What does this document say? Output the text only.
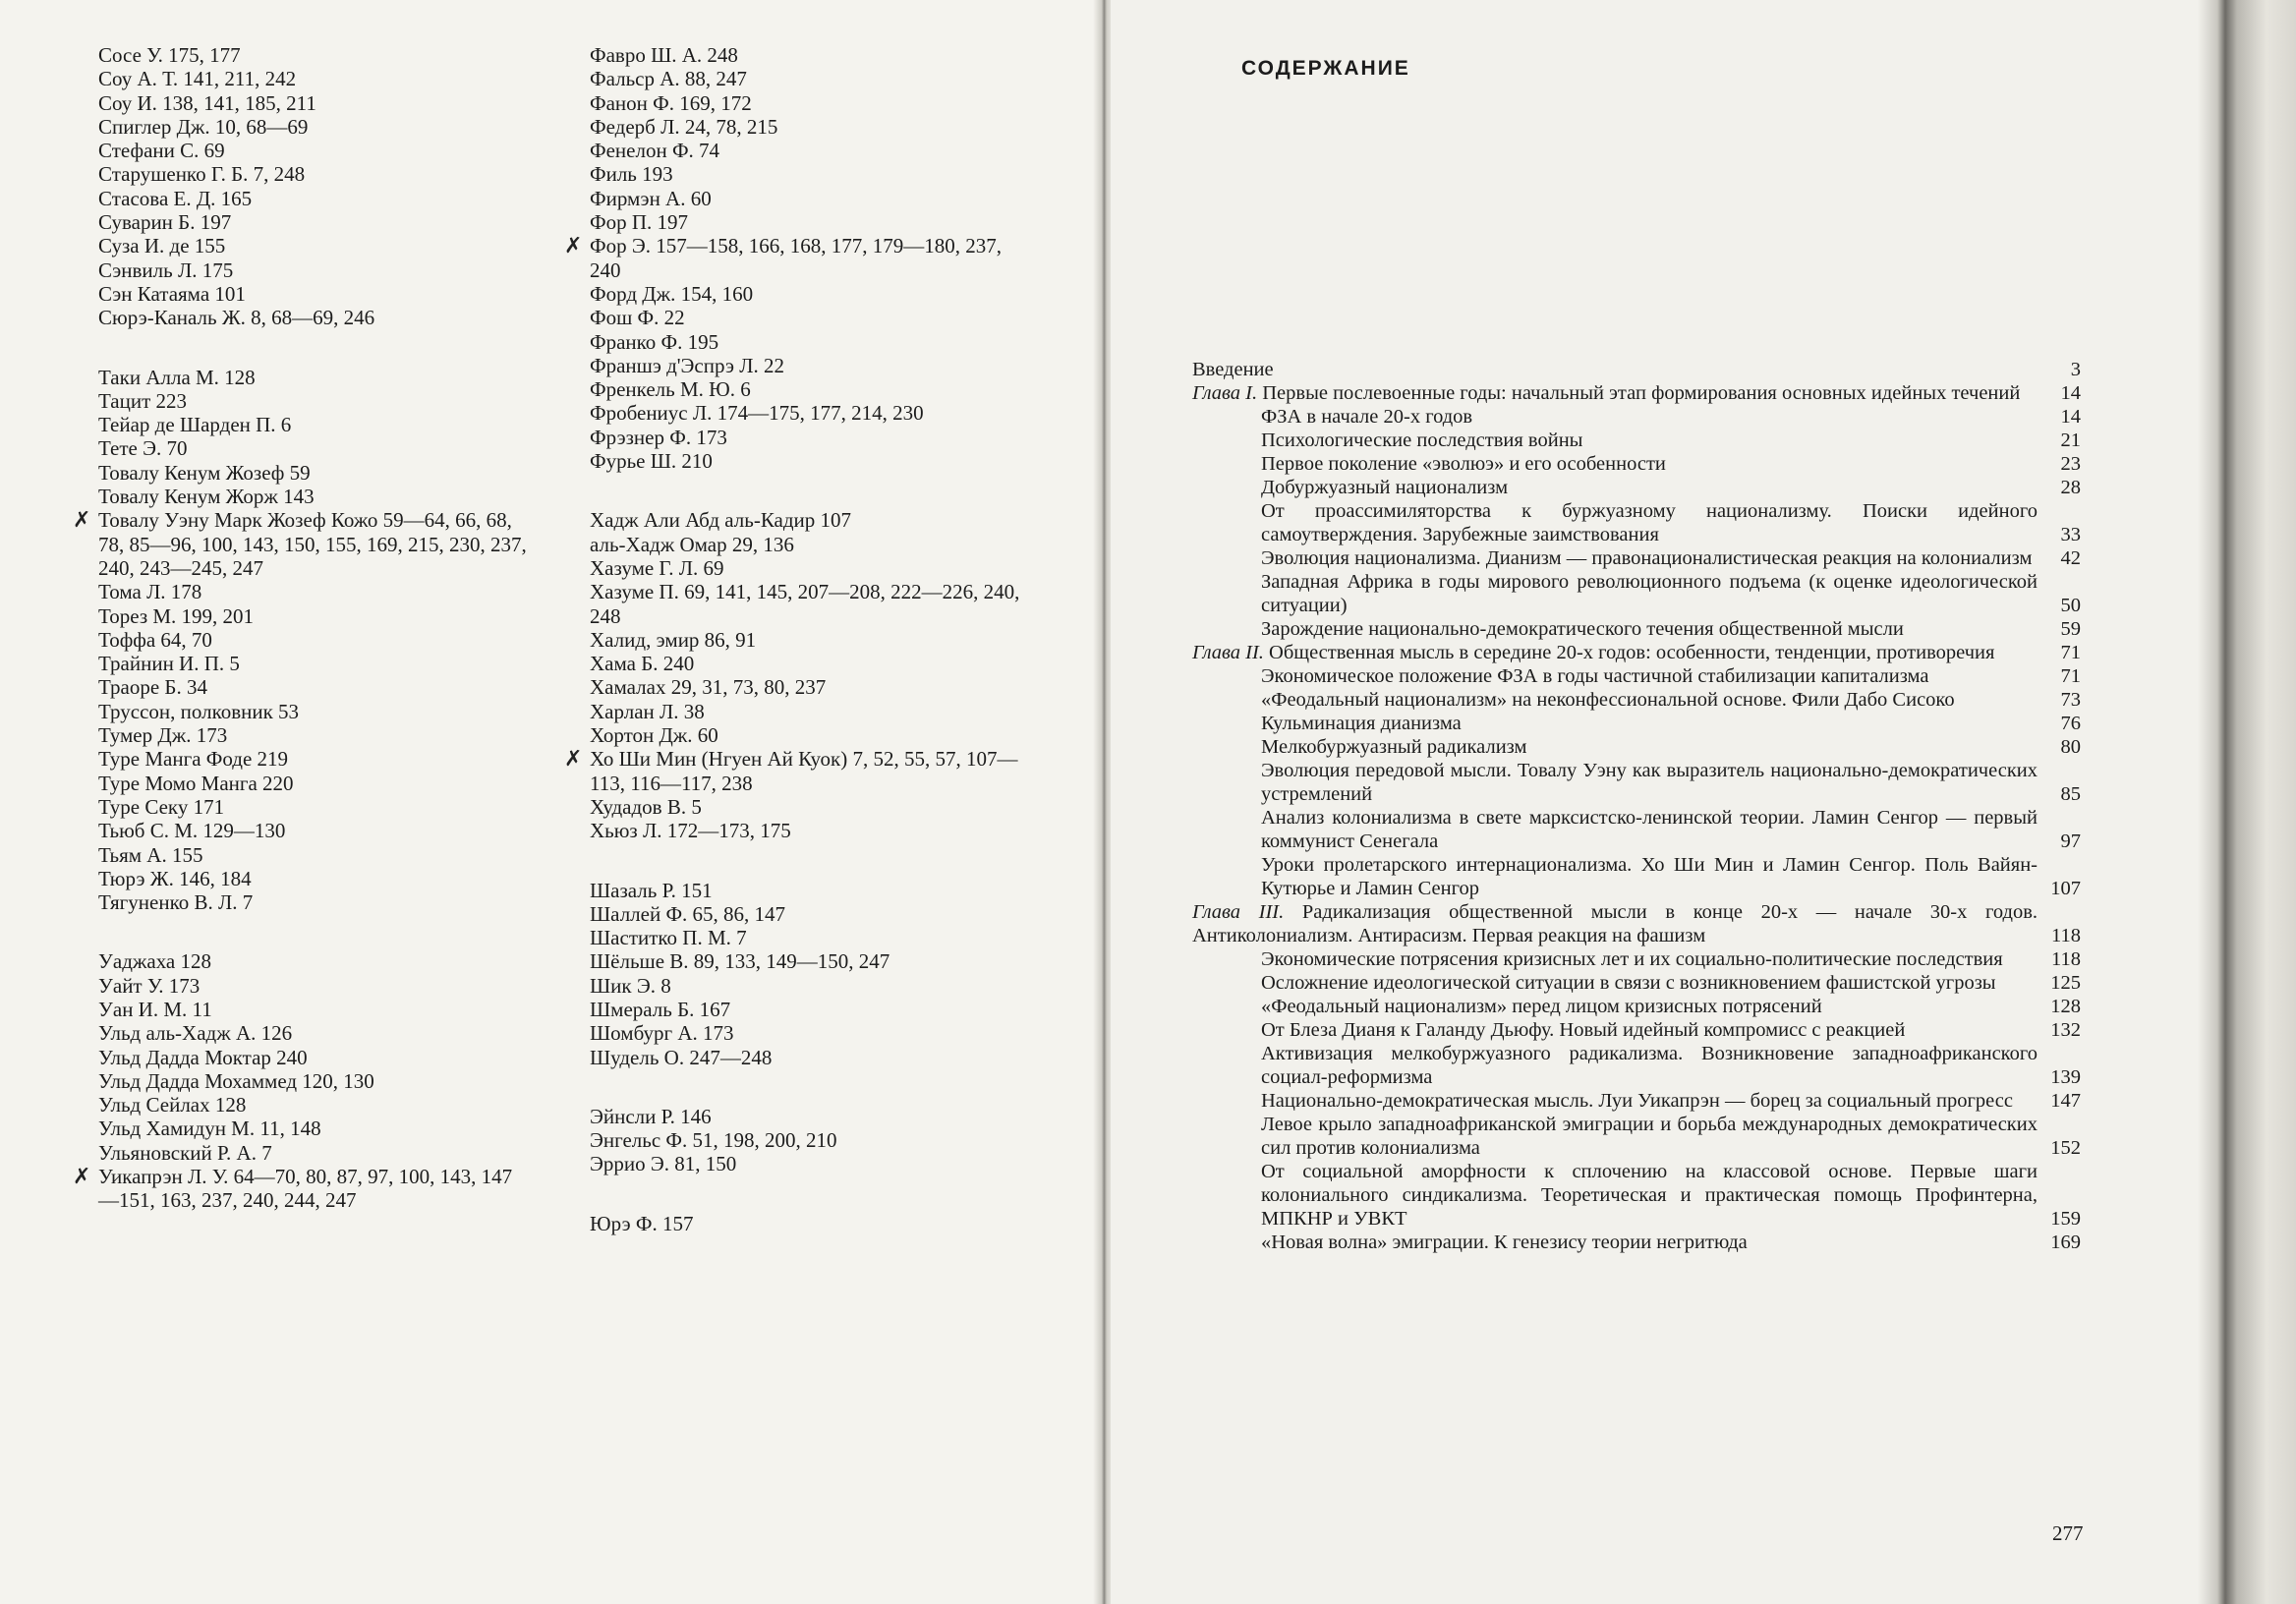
Сосе У. 175, 177
Соу А. Т. 141, 211, 242
Соу И. 138, 141, 185, 211
Спиглер Дж. 10, 68—69
Стефани С. 69
Старушенко Г. Б. 7, 248
Стасова Е. Д. 165
Суварин Б. 197
Суза И. де 155
Сэнвиль Л. 175
Сэн Катаяма 101
Сюрэ-Каналь Ж. 8, 68—69, 246
Таки Алла М. 128
Тацит 223
Тейар де Шарден П. 6
Тете Э. 70
Товалу Кенум Жозеф 59
Товалу Кенум Жорж 143
✗ Товалу Уэну Марк Жозеф Кожо 59—64, 66, 68, 78, 85—96, 100, 143, 150, 155, 169, 215, 230, 237, 240, 243—245, 247
Тома Л. 178
Торез М. 199, 201
Тоффа 64, 70
Трайнин И. П. 5
Траоре Б. 34
Труссон, полковник 53
Тумер Дж. 173
Туре Манга Фоде 219
Туре Момо Манга 220
Туре Секу 171
Тьюб С. М. 129—130
Тьям А. 155
Тюрэ Ж. 146, 184
Тягуненко В. Л. 7
Уаджаха 128
Уайт У. 173
Уан И. М. 11
Ульд аль-Хадж А. 126
Ульд Дадда Моктар 240
Ульд Дадда Мохаммед 120, 130
Ульд Сейлах 128
Ульд Хамидун М. 11, 148
Ульяновский Р. А. 7
✗ Уикапрэн Л. У. 64—70, 80, 87, 97, 100, 143, 147—151, 163, 237, 240, 244, 247
Фавро Ш. А. 248
Фальср А. 88, 247
Фанон Ф. 169, 172
Федерб Л. 24, 78, 215
Фенелон Ф. 74
Филь 193
Фирмэн А. 60
Фор П. 197
✗ Фор Э. 157—158, 166, 168, 177, 179—180, 237, 240
Форд Дж. 154, 160
Фош Ф. 22
Франко Ф. 195
Франшэ д'Эспрэ Л. 22
Френкель М. Ю. 6
Фробениус Л. 174—175, 177, 214, 230
Фрэзнер Ф. 173
Фурье Ш. 210
Хадж Али Абд аль-Кадир 107
аль-Хадж Омар 29, 136
Хазуме Г. Л. 69
Хазуме П. 69, 141, 145, 207—208, 222—226, 240, 248
Халид, эмир 86, 91
Хама Б. 240
Хамалах 29, 31, 73, 80, 237
Харлан Л. 38
Хортон Дж. 60
✗ Хо Ши Мин (Нгуен Ай Куок) 7, 52, 55, 57, 107—113, 116—117, 238
Худадов В. 5
Хьюз Л. 172—173, 175
Шазаль Р. 151
Шаллей Ф. 65, 86, 147
Шаститко П. М. 7
Шёльше В. 89, 133, 149—150, 247
Шик Э. 8
Шмераль Б. 167
Шомбург А. 173
Шудель О. 247—248
Эйнсли Р. 146
Энгельс Ф. 51, 198, 200, 210
Эррио Э. 81, 150
Юрэ Ф. 157
СОДЕРЖАНИЕ
Введение	3
Глава I. Первые послевоенные годы: начальный этап формирования основных идейных течений	14
ФЗА в начале 20-х годов	14
Психологические последствия войны	21
Первое поколение «эволюэ» и его особенности	23
Добуржуазный национализм	28
От проассимиляторства к буржуазному национализму. Поиски идейного самоутверждения. Зарубежные заимствования	33
Эволюция национализма. Дианизм — правонационалистическая реакция на колониализм	42
Западная Африка в годы мирового революционного подъема (к оценке идеологической ситуации)	50
Зарождение национально-демократического течения общественной мысли	59
Глава II. Общественная мысль в середине 20-х годов: особенности, тенденции, противоречия	71
Экономическое положение ФЗА в годы частичной стабилизации капитализма	71
«Феодальный национализм» на неконфессиональной основе. Фили Дабо Сисоко	73
Кульминация дианизма	76
Мелкобуржуазный радикализм	80
Эволюция передовой мысли. Товалу Уэну как выразитель национально-демократических устремлений	85
Анализ колониализма в свете марксистско-ленинской теории. Ламин Сенгор — первый коммунист Сенегала	97
Уроки пролетарского интернационализма. Хо Ши Мин и Ламин Сенгор. Поль Вайян-Кутюрье и Ламин Сенгор	107
Глава III. Радикализация общественной мысли в конце 20-х — начале 30-х годов. Антиколониализм. Антирасизм. Первая реакция на фашизм	118
Экономические потрясения кризисных лет и их социально-политические последствия	118
Осложнение идеологической ситуации в связи с возникновением фашистской угрозы	125
«Феодальный национализм» перед лицом кризисных потрясений	128
От Блеза Дианя к Галанду Дьюфу. Новый идейный компромисс с реакцией	132
Активизация мелкобуржуазного радикализма. Возникновение западноафриканского социал-реформизма	139
Национально-демократическая мысль. Луи Уикапрэн — борец за социальный прогресс	147
Левое крыло западноафриканской эмиграции и борьба международных демократических сил против колониализма	152
От социальной аморфности к сплочению на классовой основе. Первые шаги колониального синдикализма. Теоретическая и практическая помощь Профинтерна, МПКНР и УВКТ	159
«Новая волна» эмиграции. К генезису теории негритюда	169
277
